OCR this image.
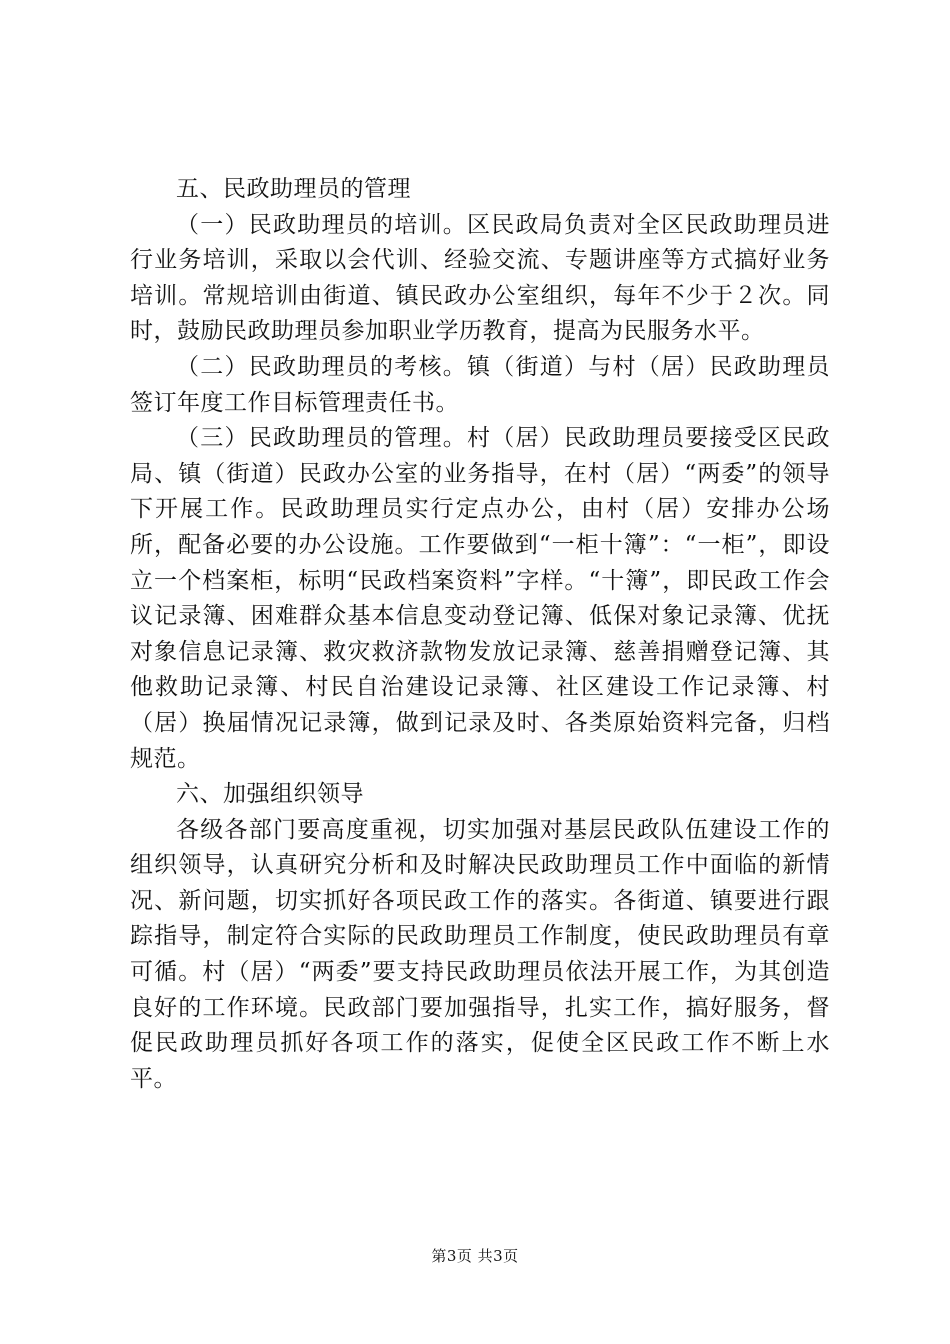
五、民政助理员的管理

（一）民政助理员的培训。区民政局负责对全区民政助理员进行业务培训，采取以会代训、经验交流、专题讲座等方式搞好业务培训。常规培训由街道、镇民政办公室组织，每年不少于２次。同时，鼓励民政助理员参加职业学历教育，提高为民服务水平。

（二）民政助理员的考核。镇（街道）与村（居）民政助理员签订年度工作目标管理责任书。

（三）民政助理员的管理。村（居）民政助理员要接受区民政局、镇（街道）民政办公室的业务指导，在村（居）“两委”的领导下开展工作。民政助理员实行定点办公，由村（居）安排办公场所，配备必要的办公设施。工作要做到“一柜十簿”：“一柜”，即设立一个档案柜，标明“民政档案资料”字样。“十簿”，即民政工作会议记录簿、困难群众基本信息变动登记簿、低保对象记录簿、优抚对象信息记录簿、救灾救济款物发放记录簿、慈善捐赠登记簿、其他救助记录簿、村民自治建设记录簿、社区建设工作记录簿、村（居）换届情况记录簿，做到记录及时、各类原始资料完备，归档规范。

六、加强组织领导

各级各部门要高度重视，切实加强对基层民政队伍建设工作的组织领导，认真研究分析和及时解决民政助理员工作中面临的新情况、新问题，切实抓好各项民政工作的落实。各街道、镇要进行跟踪指导，制定符合实际的民政助理员工作制度，使民政助理员有章可循。村（居）“两委”要支持民政助理员依法开展工作，为其创造良好的工作环境。民政部门要加强指导，扎实工作，搞好服务，督促民政助理员抓好各项工作的落实，促使全区民政工作不断上水平。

第3页 共3页
